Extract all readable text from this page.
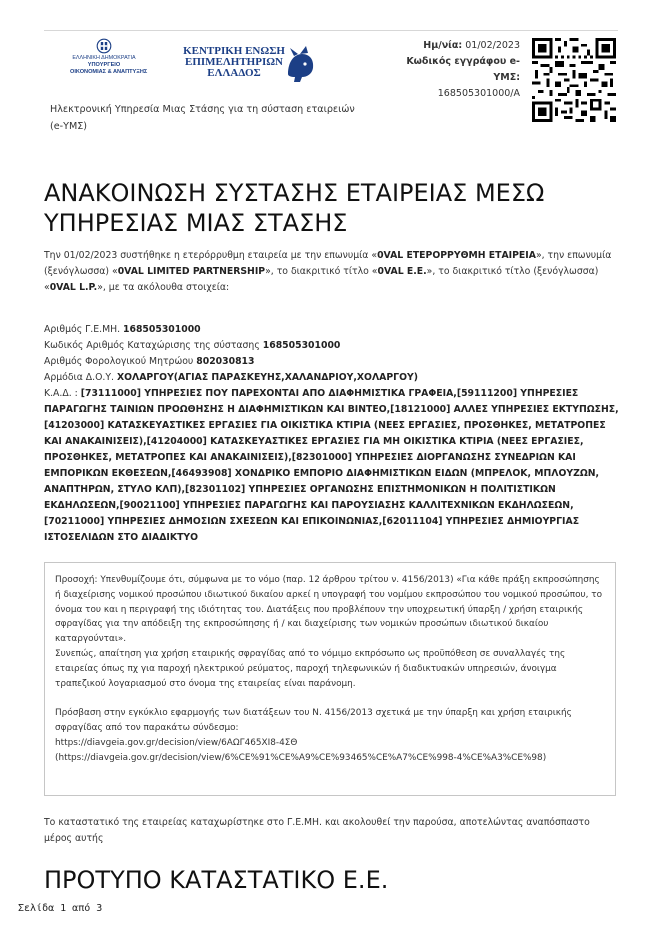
ΕΛΛΗΝΙΚΗ ΔΗΜΟΚΡΑΤΙΑ
ΥΠΟΥΡΓΕΙΟ
ΟΙΚΟΝΟΜΙΑΣ & ΑΝΑΠΤΥΞΗΣ
ΚΕΝΤΡΙΚΗ ΕΝΩΣΗ
ΕΠΙΜΕΛΗΤΗΡΙΩΝ
ΕΛΛΑΔΟΣ
Ηλεκτρονική Υπηρεσία Μιας Στάσης για τη σύσταση εταιρειών (e-ΥΜΣ)
Ημ/νία: 01/02/2023
Κωδικός εγγράφου e-ΥΜΣ:
168505301000/Α
ΑΝΑΚΟΙΝΩΣΗ ΣΥΣΤΑΣΗΣ ΕΤΑΙΡΕΙΑΣ ΜΕΣΩ ΥΠΗΡΕΣΙΑΣ ΜΙΑΣ ΣΤΑΣΗΣ
Την 01/02/2023 συστήθηκε η ετερόρρυθμη εταιρεία με την επωνυμία «0VAL ΕΤΕΡΟΡΡΥΘΜΗ ΕΤΑΙΡΕΙΑ», την επωνυμία (ξενόγλωσσα) «0VAL LIMITED PARTNERSHIP», το διακριτικό τίτλο «0VAL Ε.Ε.», το διακριτικό τίτλο (ξενόγλωσσα) «0VAL L.P.», με τα ακόλουθα στοιχεία:
Αριθμός Γ.Ε.ΜΗ. 168505301000
Κωδικός Αριθμός Καταχώρισης της σύστασης 168505301000
Αριθμός Φορολογικού Μητρώου 802030813
Αρμόδια Δ.Ο.Υ. ΧΟΛΑΡΓΟΥ(ΑΓΙΑΣ ΠΑΡΑΣΚΕΥΗΣ,ΧΑΛΑΝΔΡΙΟΥ,ΧΟΛΑΡΓΟΥ)
Κ.Α.Δ. : [73111000] ΥΠΗΡΕΣΙΕΣ ΠΟΥ ΠΑΡΕΧΟΝΤΑΙ ΑΠΟ ΔΙΑΦΗΜΙΣΤΙΚΑ ΓΡΑΦΕΙΑ,[59111200] ΥΠΗΡΕΣΙΕΣ ΠΑΡΑΓΩΓΗΣ ΤΑΙΝΙΩΝ ΠΡΟΩΘΗΣΗΣ Η ΔΙΑΦΗΜΙΣΤΙΚΩΝ ΚΑΙ ΒΙΝΤΕΟ,[18121000] ΑΛΛΕΣ ΥΠΗΡΕΣΙΕΣ ΕΚΤΥΠΩΣΗΣ,[41203000] ΚΑΤΑΣΚΕΥΑΣΤΙΚΕΣ ΕΡΓΑΣΙΕΣ ΓΙΑ ΟΙΚΙΣΤΙΚΑ ΚΤΙΡΙΑ (ΝΕΕΣ ΕΡΓΑΣΙΕΣ, ΠΡΟΣΘΗΚΕΣ, ΜΕΤΑΤΡΟΠΕΣ ΚΑΙ ΑΝΑΚΑΙΝΙΣΕΙΣ),[41204000] ΚΑΤΑΣΚΕΥΑΣΤΙΚΕΣ ΕΡΓΑΣΙΕΣ ΓΙΑ ΜΗ ΟΙΚΙΣΤΙΚΑ ΚΤΙΡΙΑ (ΝΕΕΣ ΕΡΓΑΣΙΕΣ, ΠΡΟΣΘΗΚΕΣ, ΜΕΤΑΤΡΟΠΕΣ ΚΑΙ ΑΝΑΚΑΙΝΙΣΕΙΣ),[82301000] ΥΠΗΡΕΣΙΕΣ ΔΙΟΡΓΑΝΩΣΗΣ ΣΥΝΕΔΡΙΩΝ ΚΑΙ ΕΜΠΟΡΙΚΩΝ ΕΚΘΕΣΕΩΝ,[46493908] ΧΟΝΔΡΙΚΟ ΕΜΠΟΡΙΟ ΔΙΑΦΗΜΙΣΤΙΚΩΝ ΕΙΔΩΝ (ΜΠΡΕΛΟΚ, ΜΠΛΟΥΖΩΝ, ΑΝΑΠΤΗΡΩΝ, ΣΤΥΛΟ ΚΛΠ),[82301102] ΥΠΗΡΕΣΙΕΣ ΟΡΓΑΝΩΣΗΣ ΕΠΙΣΤΗΜΟΝΙΚΩΝ Η ΠΟΛΙΤΙΣΤΙΚΩΝ ΕΚΔΗΛΩΣΕΩΝ,[90021100] ΥΠΗΡΕΣΙΕΣ ΠΑΡΑΓΩΓΗΣ ΚΑΙ ΠΑΡΟΥΣΙΑΣΗΣ ΚΑΛΛΙΤΕΧΝΙΚΩΝ ΕΚΔΗΛΩΣΕΩΝ,[70211000] ΥΠΗΡΕΣΙΕΣ ΔΗΜΟΣΙΩΝ ΣΧΕΣΕΩΝ ΚΑΙ ΕΠΙΚΟΙΝΩΝΙΑΣ,[62011104] ΥΠΗΡΕΣΙΕΣ ΔΗΜΙΟΥΡΓΙΑΣ ΙΣΤΟΣΕΛΙΔΩΝ ΣΤΟ ΔΙΑΔΙΚΤΥΟ

Προσοχή: Υπενθυμίζουμε ότι, σύμφωνα με το νόμο (παρ. 12 άρθρου τρίτου ν. 4156/2013) «Για κάθε πράξη εκπροσώπησης ή διαχείρισης νομικού προσώπου ιδιωτικού δικαίου αρκεί η υπογραφή του νομίμου εκπροσώπου του νομικού προσώπου, το όνομα του και η περιγραφή της ιδιότητας του. Διατάξεις που προβλέπουν την υποχρεωτική ύπαρξη / χρήση εταιρικής σφραγίδας για την απόδειξη της εκπροσώπησης ή / και διαχείρισης των νομικών προσώπων ιδιωτικού δικαίου καταργούνται».

Συνεπώς, απαίτηση για χρήση εταιρικής σφραγίδας από το νόμιμο εκπρόσωπο ως προϋπόθεση σε συναλλαγές της εταιρείας όπως πχ για παροχή ηλεκτρικού ρεύματος, παροχή τηλεφωνικών ή διαδικτυακών υπηρεσιών, άνοιγμα τραπεζικού λογαριασμού στο όνομα της εταιρείας είναι παράνομη.

Πρόσβαση στην εγκύκλιο εφαρμογής των διατάξεων του Ν. 4156/2013 σχετικά με την ύπαρξη και χρήση εταιρικής σφραγίδας από τον παρακάτω σύνδεσμο:

https://diavgeia.gov.gr/decision/view/6ΑΩΓ465ΧΙ8-4ΣΘ

(https://diavgeia.gov.gr/decision/view/6%CE%91%CE%A9%CE%93465%CE%A7%CE%998-4%CE%A3%CE%98)

Το καταστατικό της εταιρείας καταχωρίστηκε στο Γ.Ε.ΜΗ. και ακολουθεί την παρούσα, αποτελώντας αναπόσπαστο μέρος αυτής
ΠΡΟΤΥΠΟ ΚΑΤΑΣΤΑΤΙΚΟ Ε.Ε.
Σελίδα 1 από 3
